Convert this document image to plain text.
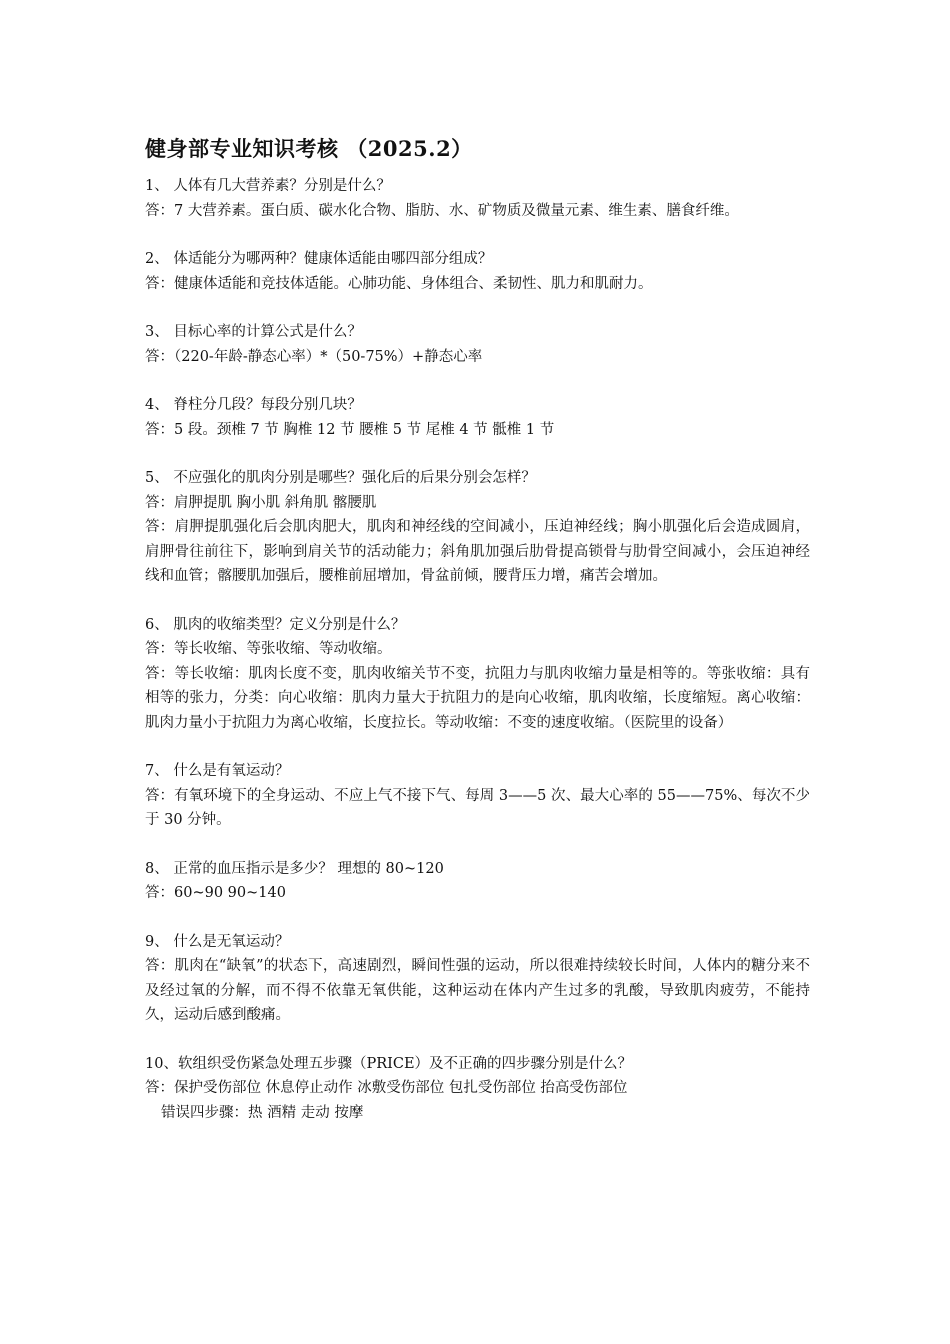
健身部专业知识考核 （2025.2）

1、 人体有几大营养素？分别是什么？

答：7 大营养素。蛋白质、碳水化合物、脂肪、水、矿物质及微量元素、维生素、膳食纤维。

2、 体适能分为哪两种？健康体适能由哪四部分组成？

答：健康体适能和竞技体适能。心肺功能、身体组合、柔韧性、肌力和肌耐力。

3、 目标心率的计算公式是什么？

答：（220-年龄-静态心率）*（50-75%）+静态心率

4、 脊柱分几段？每段分别几块？

答：5 段。颈椎 7 节 胸椎 12 节 腰椎 5 节 尾椎 4 节 骶椎 1 节

5、 不应强化的肌肉分别是哪些？强化后的后果分别会怎样？

答：肩胛提肌 胸小肌 斜角肌 髂腰肌

答：肩胛提肌强化后会肌肉肥大，肌肉和神经线的空间减小，压迫神经线；胸小肌强化后会造成圆肩，肩胛骨往前往下，影响到肩关节的活动能力；斜角肌加强后肋骨提高锁骨与肋骨空间减小，会压迫神经线和血管；髂腰肌加强后，腰椎前屈增加，骨盆前倾，腰背压力增，痛苦会增加。

6、 肌肉的收缩类型？定义分别是什么？

答：等长收缩、等张收缩、等动收缩。

答：等长收缩：肌肉长度不变，肌肉收缩关节不变，抗阻力与肌肉收缩力量是相等的。等张收缩：具有相等的张力，分类：向心收缩：肌肉力量大于抗阻力的是向心收缩，肌肉收缩，长度缩短。离心收缩：肌肉力量小于抗阻力为离心收缩，长度拉长。等动收缩：不变的速度收缩。（医院里的设备）

7、 什么是有氧运动？

答：有氧环境下的全身运动、不应上气不接下气、每周 3——5 次、最大心率的 55——75%、每次不少于 30 分钟。

8、 正常的血压指示是多少？ 理想的 80~120

答：60~90 90~140

9、 什么是无氧运动？

答：肌肉在“缺氧”的状态下，高速剧烈，瞬间性强的运动，所以很难持续较长时间，人体内的糖分来不及经过氧的分解，而不得不依靠无氧供能，这种运动在体内产生过多的乳酸，导致肌肉疲劳，不能持久，运动后感到酸痛。

10、软组织受伤紧急处理五步骤（PRICE）及不正确的四步骤分别是什么？

答：保护受伤部位 休息停止动作 冰敷受伤部位 包扎受伤部位 抬高受伤部位

错误四步骤：热 酒精 走动 按摩
